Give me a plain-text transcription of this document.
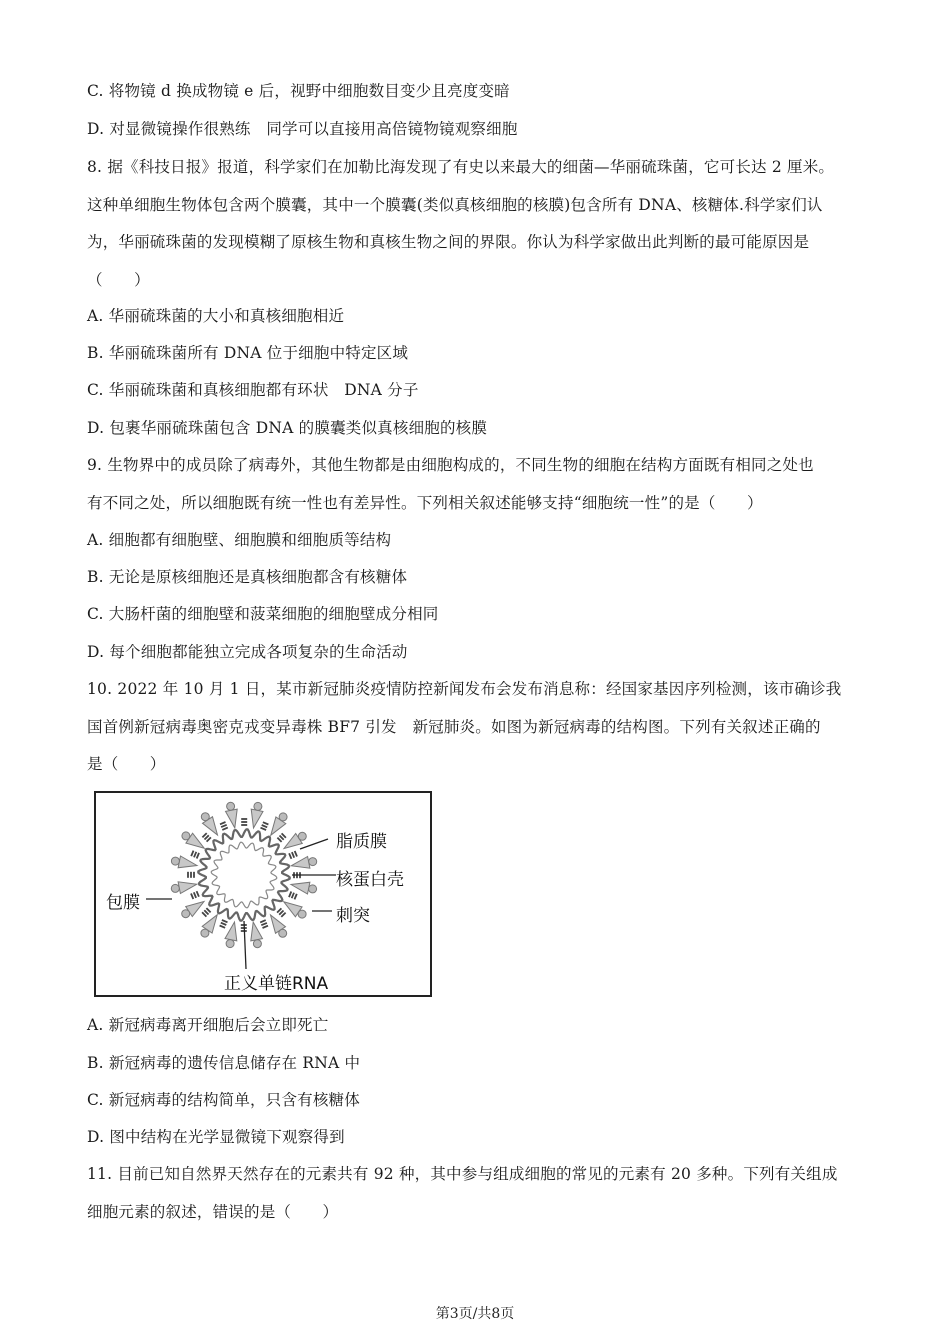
C. 将物镜 d 换成物镜 e 后，视野中细胞数目变少且亮度变暗
D. 对显微镜操作很熟练　同学可以直接用高倍镜物镜观察细胞
8. 据《科技日报》报道，科学家们在加勒比海发现了有史以来最大的细菌—华丽硫珠菌，它可长达 2 厘米。
这种单细胞生物体包含两个膜囊，其中一个膜囊(类似真核细胞的核膜)包含所有 DNA、核糖体.科学家们认
为，华丽硫珠菌的发现模糊了原核生物和真核生物之间的界限。你认为科学家做出此判断的最可能原因是
（　　）
A. 华丽硫珠菌的大小和真核细胞相近
B. 华丽硫珠菌所有 DNA 位于细胞中特定区域
C. 华丽硫珠菌和真核细胞都有环状　DNA 分子
D. 包裹华丽硫珠菌包含 DNA 的膜囊类似真核细胞的核膜
9. 生物界中的成员除了病毒外，其他生物都是由细胞构成的，不同生物的细胞在结构方面既有相同之处也
有不同之处，所以细胞既有统一性也有差异性。下列相关叙述能够支持“细胞统一性”的是（　　）
A. 细胞都有细胞壁、细胞膜和细胞质等结构
B. 无论是原核细胞还是真核细胞都含有核糖体
C. 大肠杆菌的细胞壁和菠菜细胞的细胞壁成分相同
D. 每个细胞都能独立完成各项复杂的生命活动
10. 2022 年 10 月 1 日，某市新冠肺炎疫情防控新闻发布会发布消息称：经国家基因序列检测，该市确诊我
国首例新冠病毒奥密克戎变异毒株 BF7 引发　新冠肺炎。如图为新冠病毒的结构图。下列有关叙述正确的
是（　　）
脂质膜
核蛋白壳
刺突
包膜
正义单链RNA
A. 新冠病毒离开细胞后会立即死亡
B. 新冠病毒的遗传信息储存在 RNA 中
C. 新冠病毒的结构简单，只含有核糖体
D. 图中结构在光学显微镜下观察得到
11. 目前已知自然界天然存在的元素共有 92 种，其中参与组成细胞的常见的元素有 20 多种。下列有关组成
细胞元素的叙述，错误的是（　　）
第3页/共8页
